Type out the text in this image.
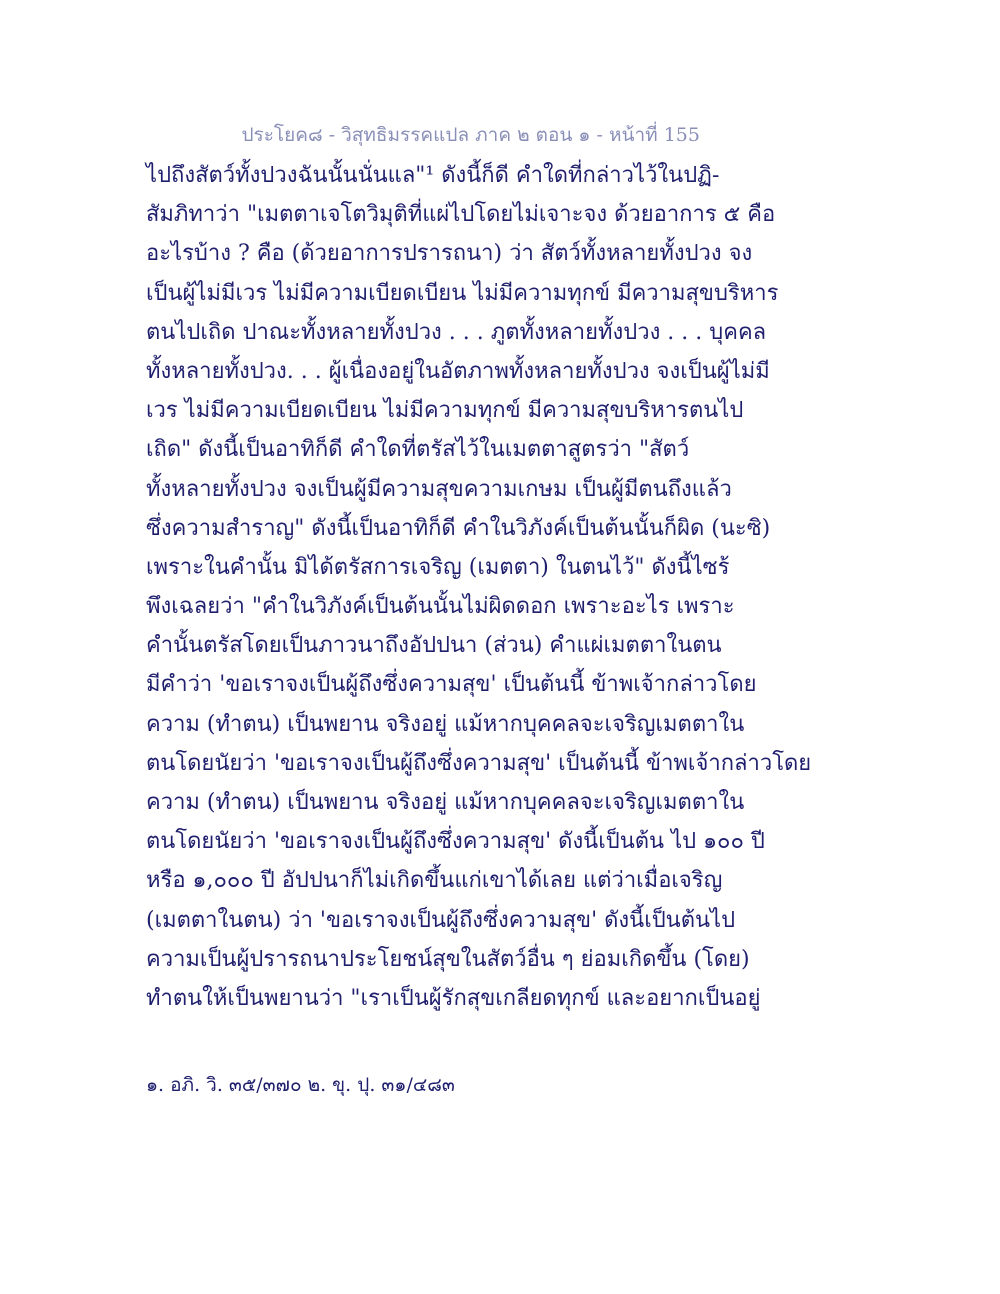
ประโยค๘ - วิสุทธิมรรคแปล ภาค ๒ ตอน ๑ - หน้าที่ 155
ไปถึงสัตว์ทั้งปวงฉันนั้นนั่นแล"¹ ดังนี้ก็ดี คำใดที่กล่าวไว้ในปฏิ-
สัมภิทาว่า "เมตตาเจโตวิมุติที่แผ่ไปโดยไม่เจาะจง ด้วยอาการ ๕ คือ
อะไรบ้าง ? คือ (ด้วยอาการปรารถนา) ว่า สัตว์ทั้งหลายทั้งปวง จง
เป็นผู้ไม่มีเวร ไม่มีความเบียดเบียน ไม่มีความทุกข์ มีความสุขบริหาร
ตนไปเถิด ปาณะทั้งหลายทั้งปวง . . . ภูตทั้งหลายทั้งปวง . . . บุคคล
ทั้งหลายทั้งปวง. . . ผู้เนื่องอยู่ในอัตภาพทั้งหลายทั้งปวง จงเป็นผู้ไม่มี
เวร ไม่มีความเบียดเบียน ไม่มีความทุกข์ มีความสุขบริหารตนไป
เถิด" ดังนี้เป็นอาทิก็ดี คำใดที่ตรัสไว้ในเมตตาสูตรว่า "สัตว์
ทั้งหลายทั้งปวง จงเป็นผู้มีความสุขความเกษม เป็นผู้มีตนถึงแล้ว
ซึ่งความสำราญ" ดังนี้เป็นอาทิก็ดี คำในวิภังค์เป็นต้นนั้นก็ผิด (นะซิ)
เพราะในคำนั้น มิได้ตรัสการเจริญ (เมตตา) ในตนไว้" ดังนี้ไซร้
พึงเฉลยว่า "คำในวิภังค์เป็นต้นนั้นไม่ผิดดอก เพราะอะไร เพราะ
คำนั้นตรัสโดยเป็นภาวนาถึงอัปปนา (ส่วน) คำแผ่เมตตาในตน
มีคำว่า 'ขอเราจงเป็นผู้ถึงซึ่งความสุข' เป็นต้นนี้ ข้าพเจ้ากล่าวโดย
ความ (ทำตน) เป็นพยาน จริงอยู่ แม้หากบุคคลจะเจริญเมตตาใน
ตนโดยนัยว่า 'ขอเราจงเป็นผู้ถึงซึ่งความสุข' เป็นต้นนี้ ข้าพเจ้ากล่าวโดย
ความ (ทำตน) เป็นพยาน จริงอยู่ แม้หากบุคคลจะเจริญเมตตาใน
ตนโดยนัยว่า 'ขอเราจงเป็นผู้ถึงซึ่งความสุข' ดังนี้เป็นต้น ไป ๑๐๐ ปี
หรือ ๑,๐๐๐ ปี อัปปนาก็ไม่เกิดขึ้นแก่เขาได้เลย แต่ว่าเมื่อเจริญ
(เมตตาในตน) ว่า 'ขอเราจงเป็นผู้ถึงซึ่งความสุข' ดังนี้เป็นต้นไป
ความเป็นผู้ปรารถนาประโยชน์สุขในสัตว์อื่น ๆ ย่อมเกิดขึ้น (โดย)
ทำตนให้เป็นพยานว่า "เราเป็นผู้รักสุขเกลียดทุกข์ และอยากเป็นอยู่
๑. อภิ. วิ. ๓๕/๓๗๐ ๒. ขุ. ปุ. ๓๑/๔๘๓
